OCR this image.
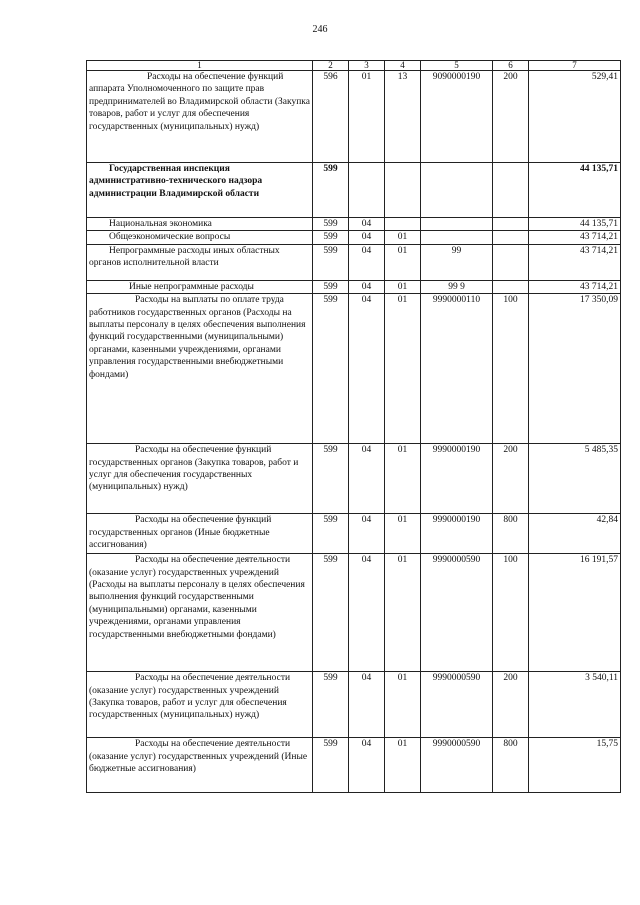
246
1	2	3	4	5	6	7
Расходы на обеспечение функций аппарата Уполномоченного по защите прав предпринимателей во Владимирской области (Закупка товаров, работ и услуг для обеспечения государственных (муниципальных) нужд)	596	01	13	9090000190	200	529,41
Государственная инспекция административно-технического надзора администрации Владимирской области	599					44 135,71
Национальная экономика	599	04				44 135,71
Общеэкономические вопросы	599	04	01			43 714,21
Непрограммные расходы иных областных органов исполнительной власти	599	04	01	99		43 714,21
Иные непрограммные расходы	599	04	01	99 9		43 714,21
Расходы на выплаты по оплате труда работников государственных органов (Расходы на выплаты персоналу в целях обеспечения выполнения функций государственными (муниципальными) органами, казенными учреждениями, органами управления государственными внебюджетными фондами)	599	04	01	9990000110	100	17 350,09
Расходы на обеспечение функций государственных органов (Закупка товаров, работ и услуг для обеспечения государственных (муниципальных) нужд)	599	04	01	9990000190	200	5 485,35
Расходы на обеспечение функций государственных органов (Иные бюджетные ассигнования)	599	04	01	9990000190	800	42,84
Расходы на обеспечение деятельности (оказание услуг) государственных учреждений (Расходы на выплаты персоналу в целях обеспечения выполнения функций государственными (муниципальными) органами, казенными учреждениями, органами управления государственными внебюджетными фондами)	599	04	01	9990000590	100	16 191,57
Расходы на обеспечение деятельности (оказание услуг) государственных учреждений (Закупка товаров, работ и услуг для обеспечения государственных (муниципальных) нужд)	599	04	01	9990000590	200	3 540,11
Расходы на обеспечение деятельности (оказание услуг) государственных учреждений (Иные бюджетные ассигнования)	599	04	01	9990000590	800	15,75
